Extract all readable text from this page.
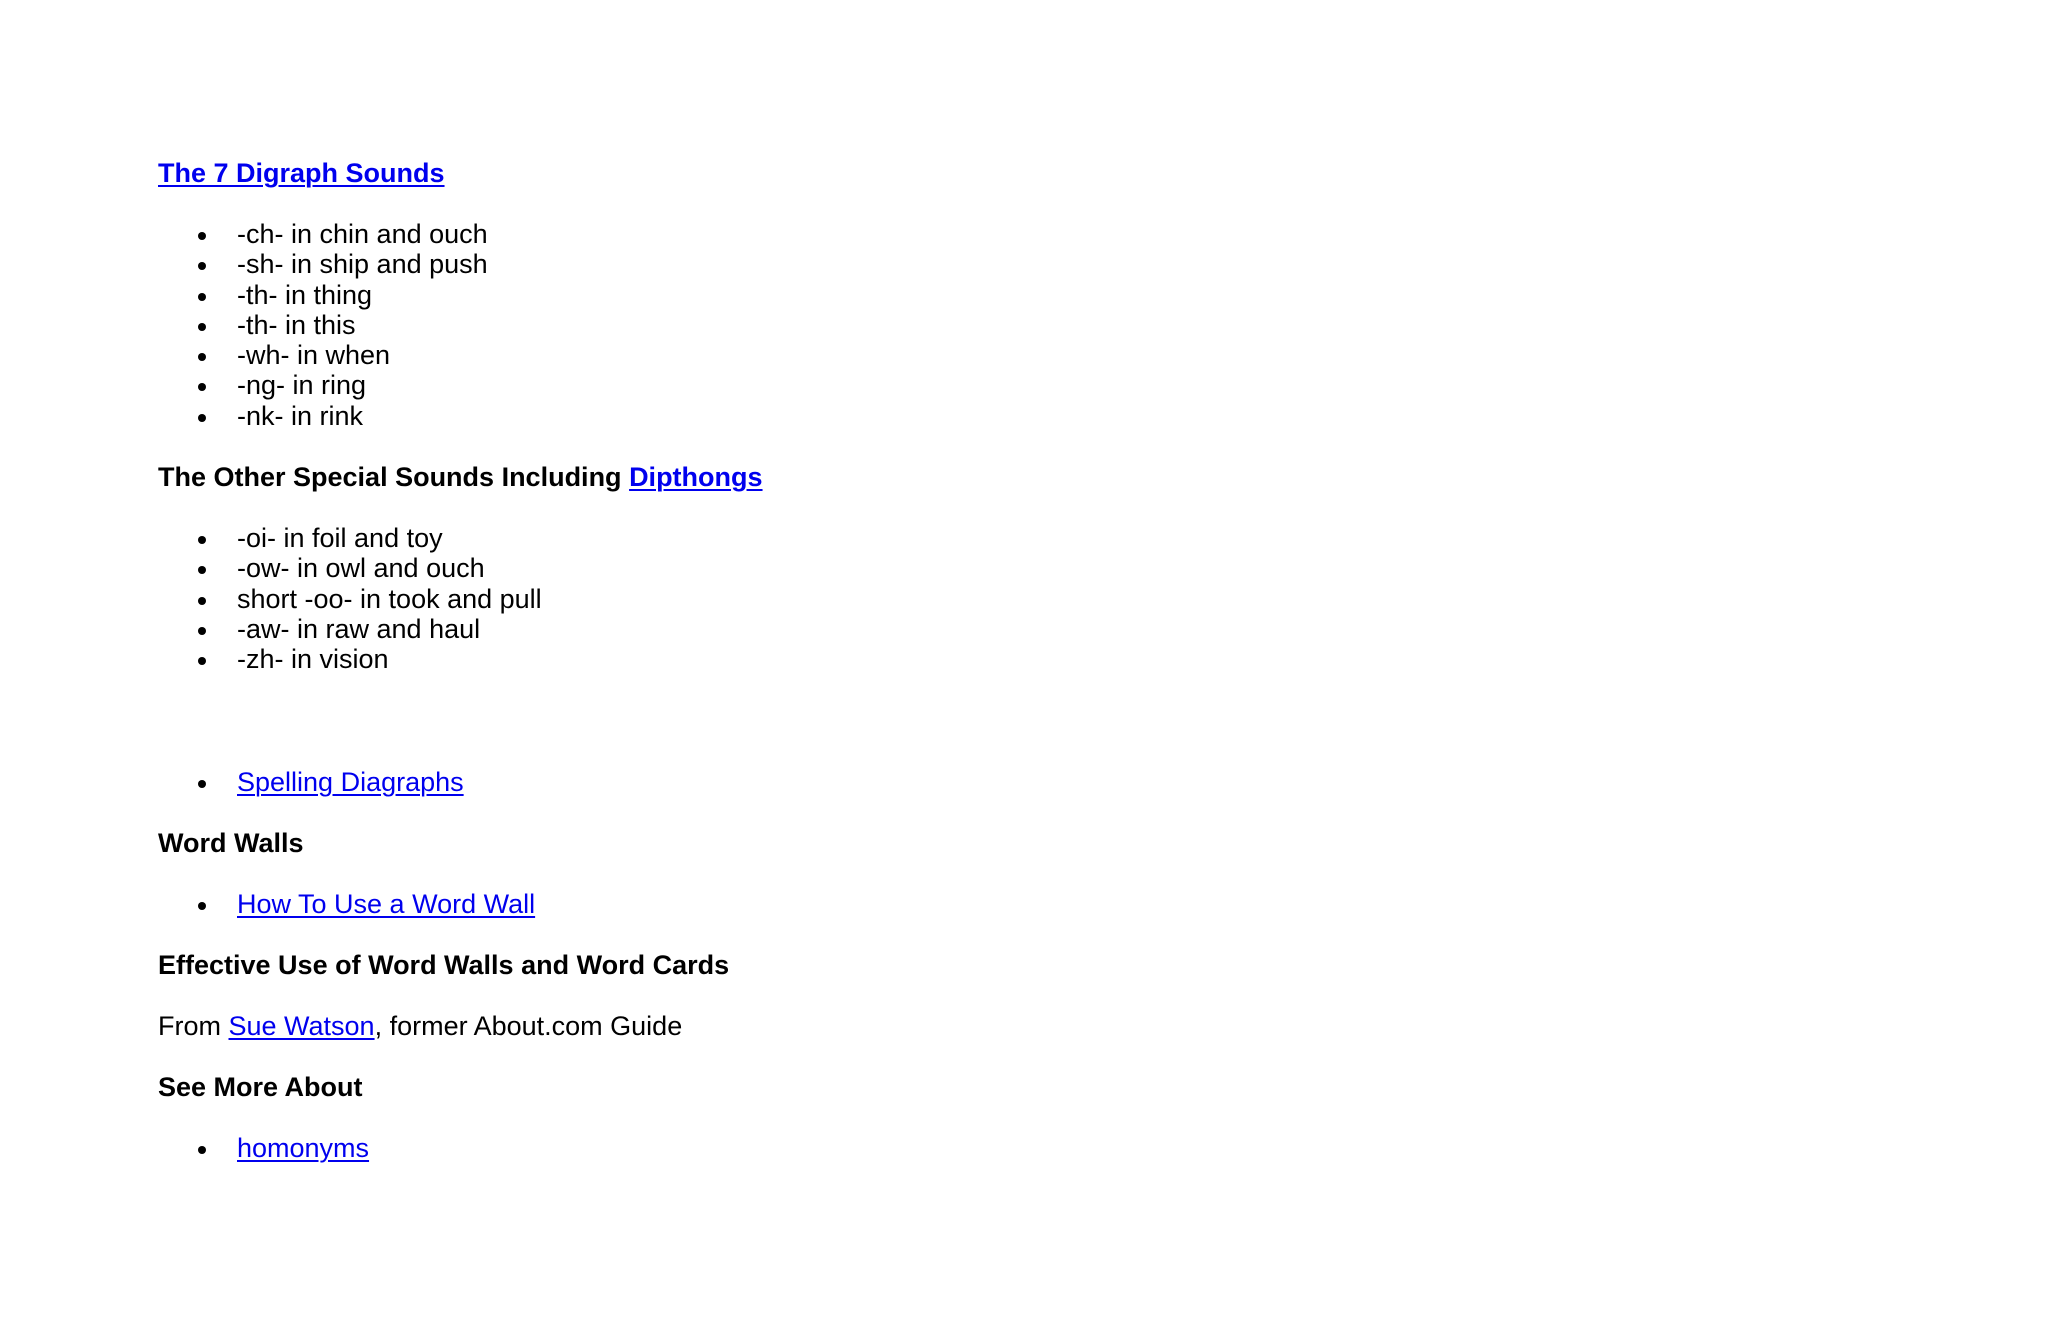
The 7 Digraph Sounds

-ch- in chin and ouch
-sh- in ship and push
-th- in thing
-th- in this
-wh- in when
-ng- in ring
-nk- in rink

The Other Special Sounds Including Dipthongs

-oi- in foil and toy
-ow- in owl and ouch
short -oo- in took and pull
-aw- in raw and haul
-zh- in vision
Spelling Diagraphs

Word Walls

How To Use a Word Wall

Effective Use of Word Walls and Word Cards

From Sue Watson, former About.com Guide

See More About

homonyms
